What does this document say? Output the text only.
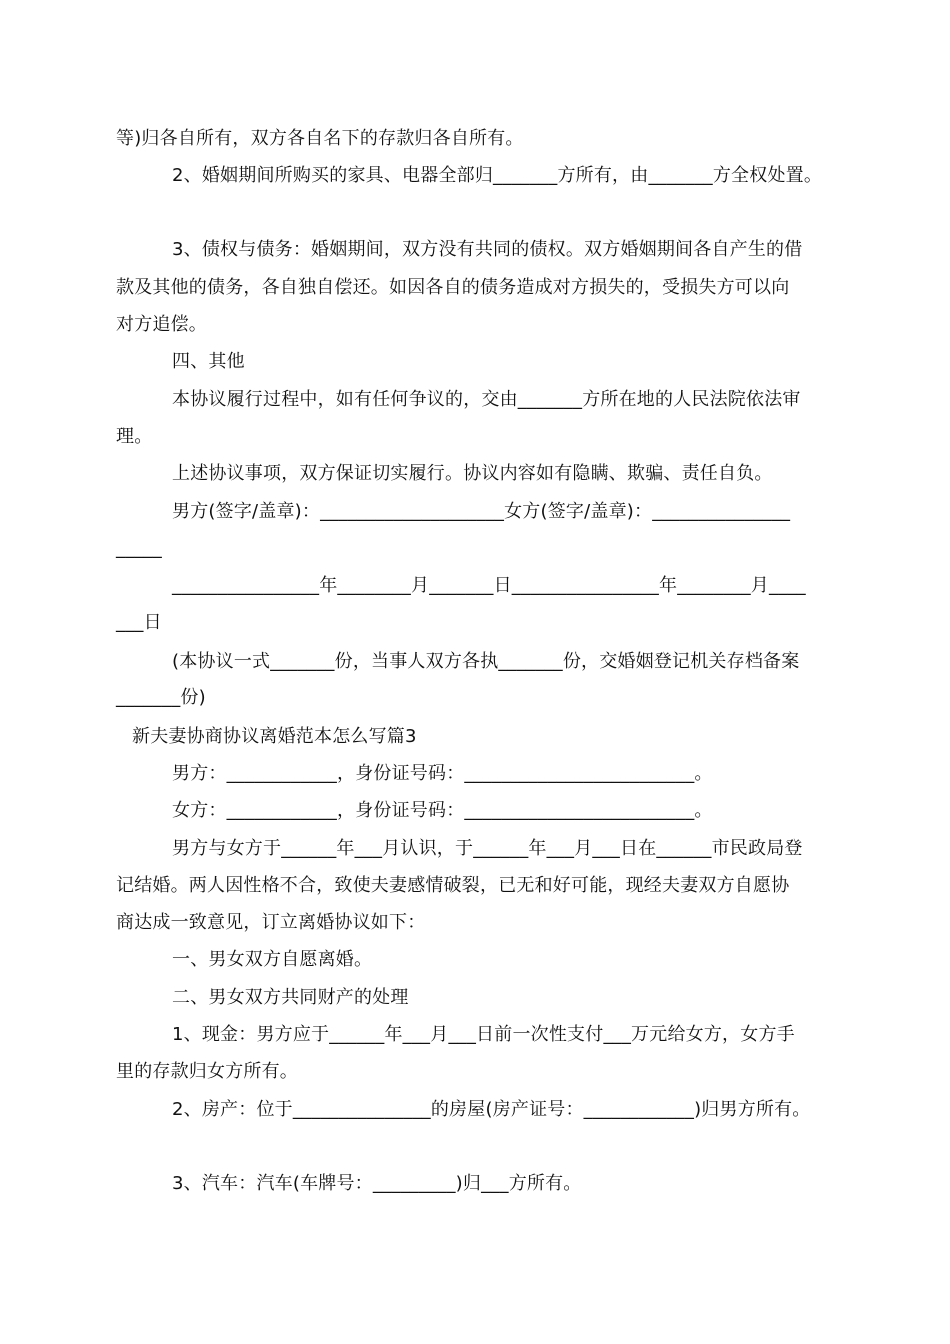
等)归各自所有，双方各自名下的存款归各自所有。
2、婚姻期间所购买的家具、电器全部归_______方所有，由_______方全权处置。
3、债权与债务：婚姻期间，双方没有共同的债权。双方婚姻期间各自产生的借
款及其他的债务，各自独自偿还。如因各自的债务造成对方损失的，受损失方可以向
对方追偿。
四、其他
本协议履行过程中，如有任何争议的，交由_______方所在地的人民法院依法审
理。
上述协议事项，双方保证切实履行。协议内容如有隐瞒、欺骗、责任自负。
男方(签字/盖章)：____________________女方(签字/盖章)：_______________
_____
________________年________月_______日________________年________月____
___日
(本协议一式_______份，当事人双方各执_______份，交婚姻登记机关存档备案
_______份)
新夫妻协商协议离婚范本怎么写篇3
男方：____________，身份证号码：_________________________。
女方：____________，身份证号码：_________________________。
男方与女方于______年___月认识，于______年___月___日在______市民政局登
记结婚。两人因性格不合，致使夫妻感情破裂，已无和好可能，现经夫妻双方自愿协
商达成一致意见，订立离婚协议如下：
一、男女双方自愿离婚。
二、男女双方共同财产的处理
1、现金：男方应于______年___月___日前一次性支付___万元给女方，女方手
里的存款归女方所有。
2、房产：位于_______________的房屋(房产证号：____________)归男方所有。
3、汽车：汽车(车牌号：_________)归___方所有。
